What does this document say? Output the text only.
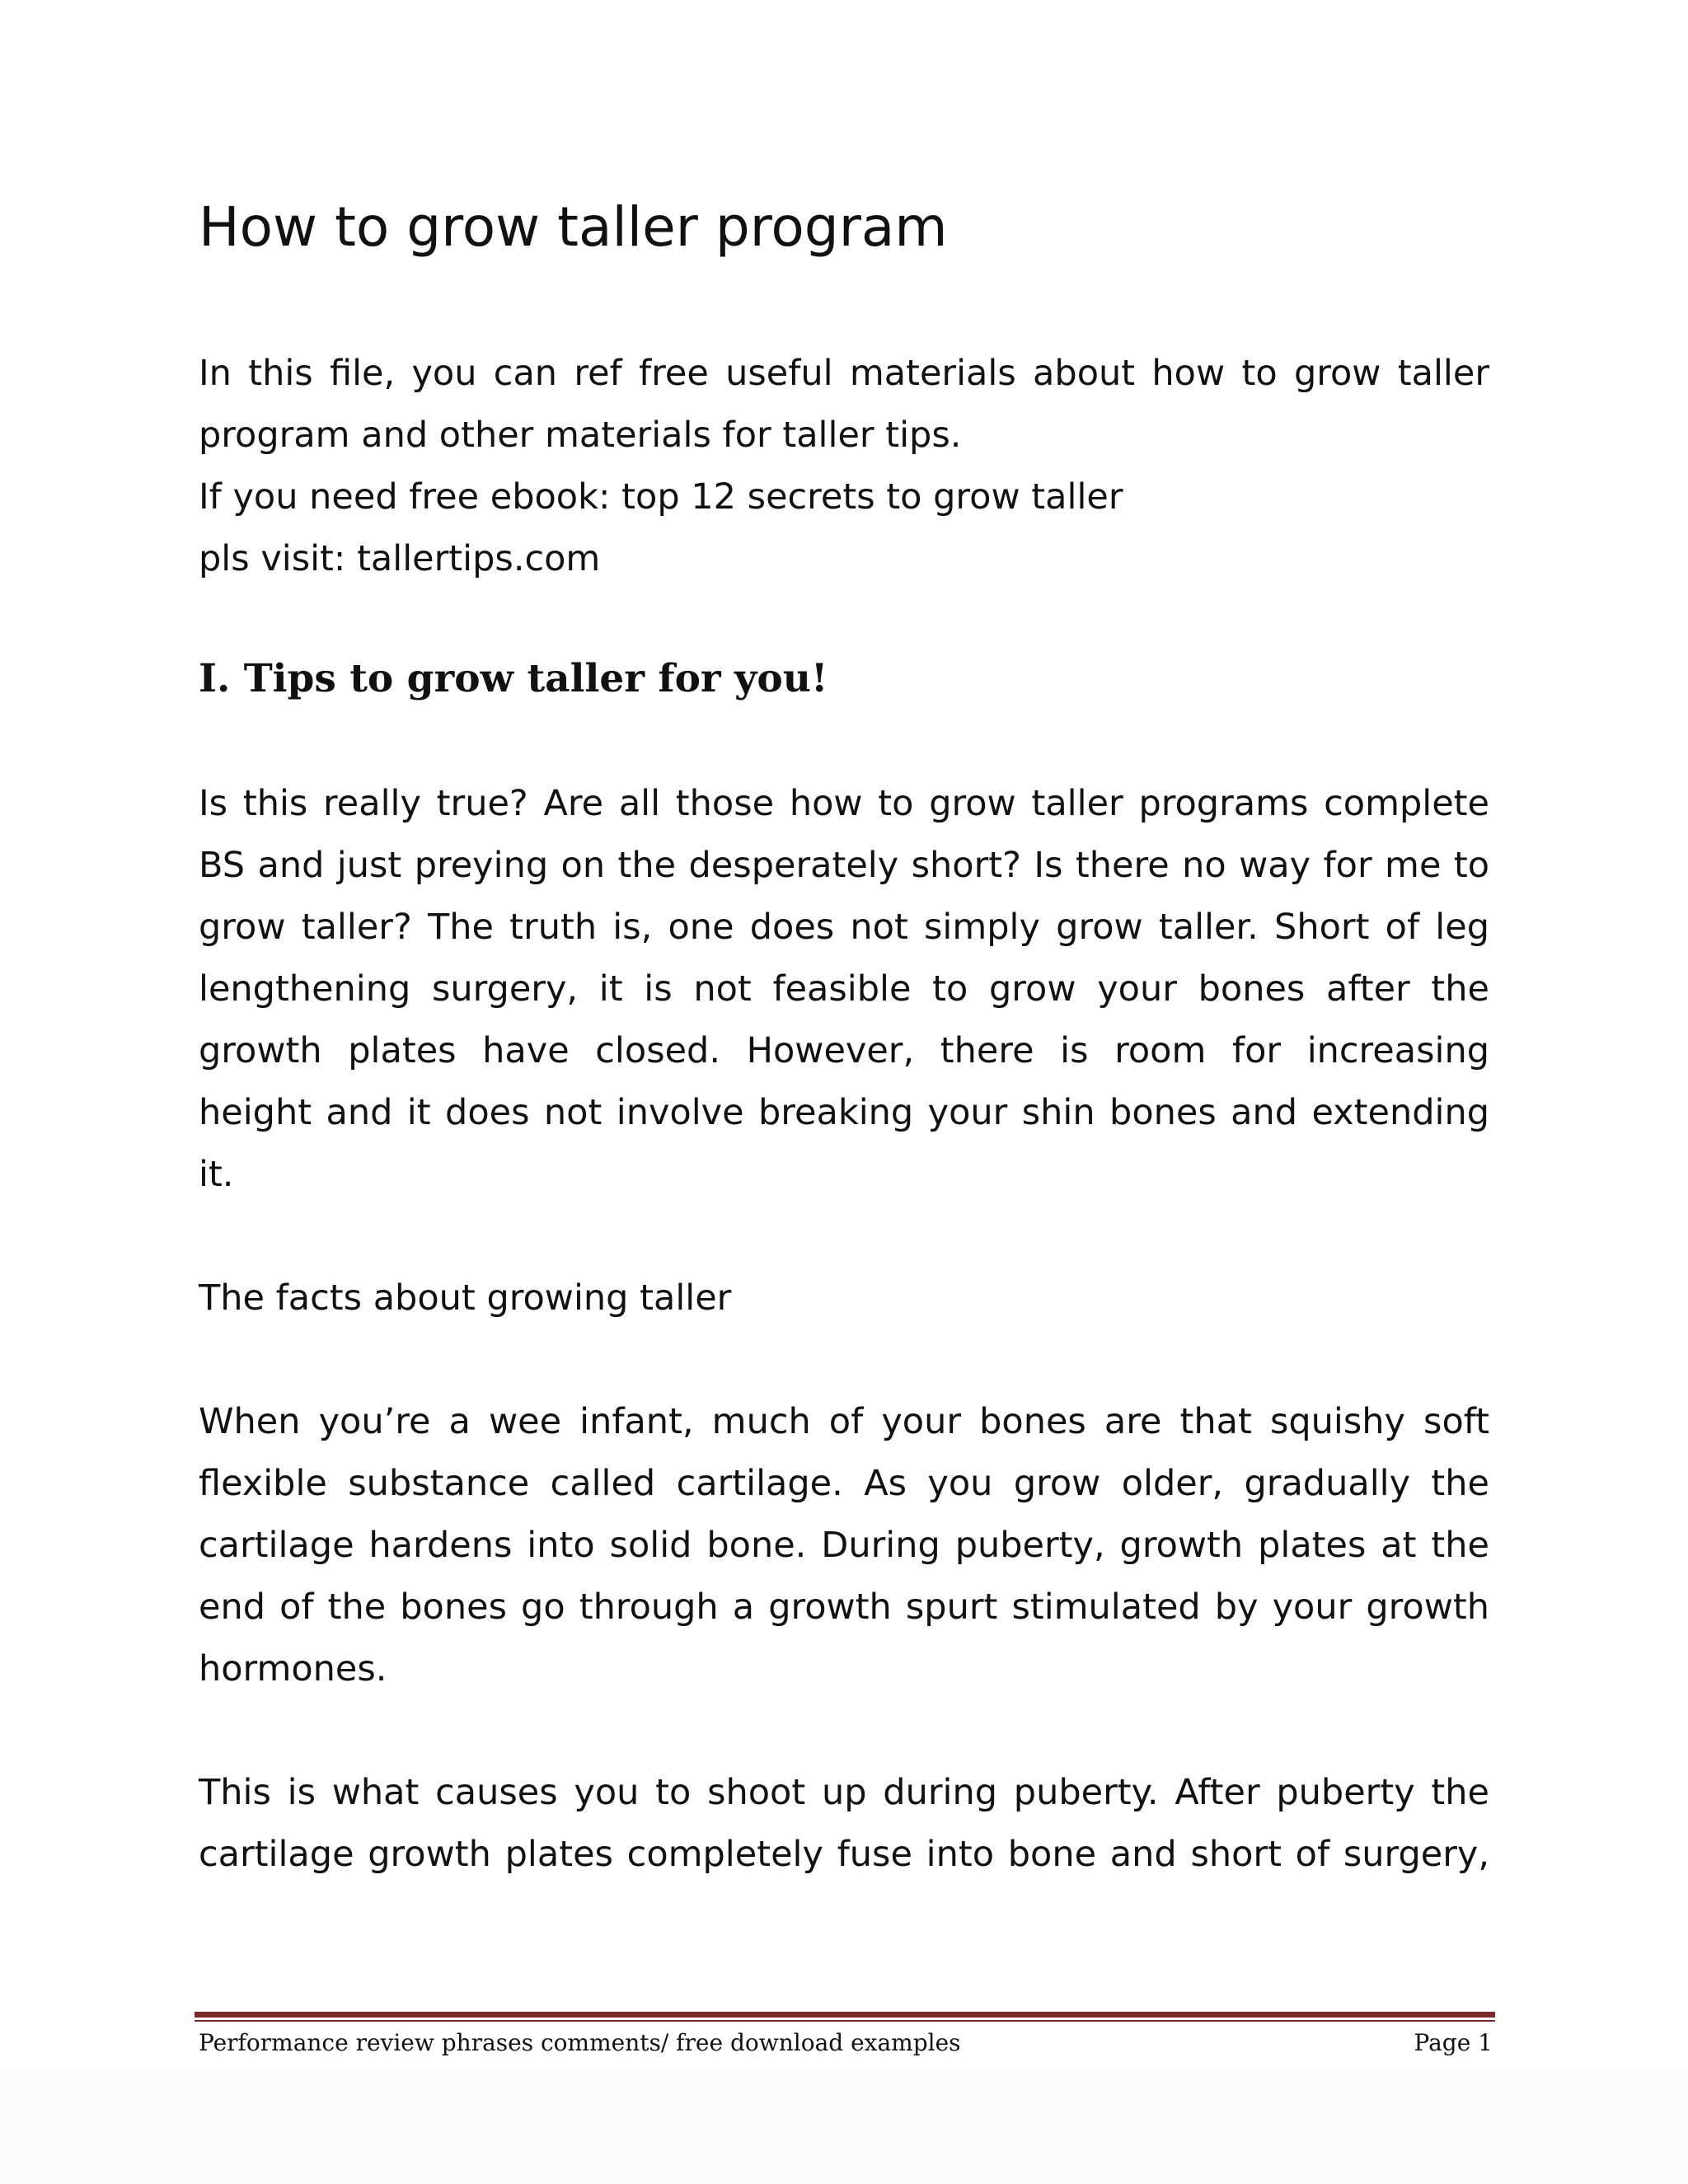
How to grow taller program
In this file, you can ref free useful materials about how to grow taller
program and other materials for taller tips.
If you need free ebook: top 12 secrets to grow taller
pls visit: tallertips.com
I. Tips to grow taller for you!
Is this really true? Are all those how to grow taller programs complete
BS and just preying on the desperately short? Is there no way for me to
grow taller? The truth is, one does not simply grow taller. Short of leg
lengthening surgery, it is not feasible to grow your bones after the
growth plates have closed. However, there is room for increasing
height and it does not involve breaking your shin bones and extending
it.
The facts about growing taller
When you’re a wee infant, much of your bones are that squishy soft
flexible substance called cartilage. As you grow older, gradually the
cartilage hardens into solid bone. During puberty, growth plates at the
end of the bones go through a growth spurt stimulated by your growth
hormones.
This is what causes you to shoot up during puberty. After puberty the
cartilage growth plates completely fuse into bone and short of surgery,
Performance review phrases comments/ free download examples	Page 1
